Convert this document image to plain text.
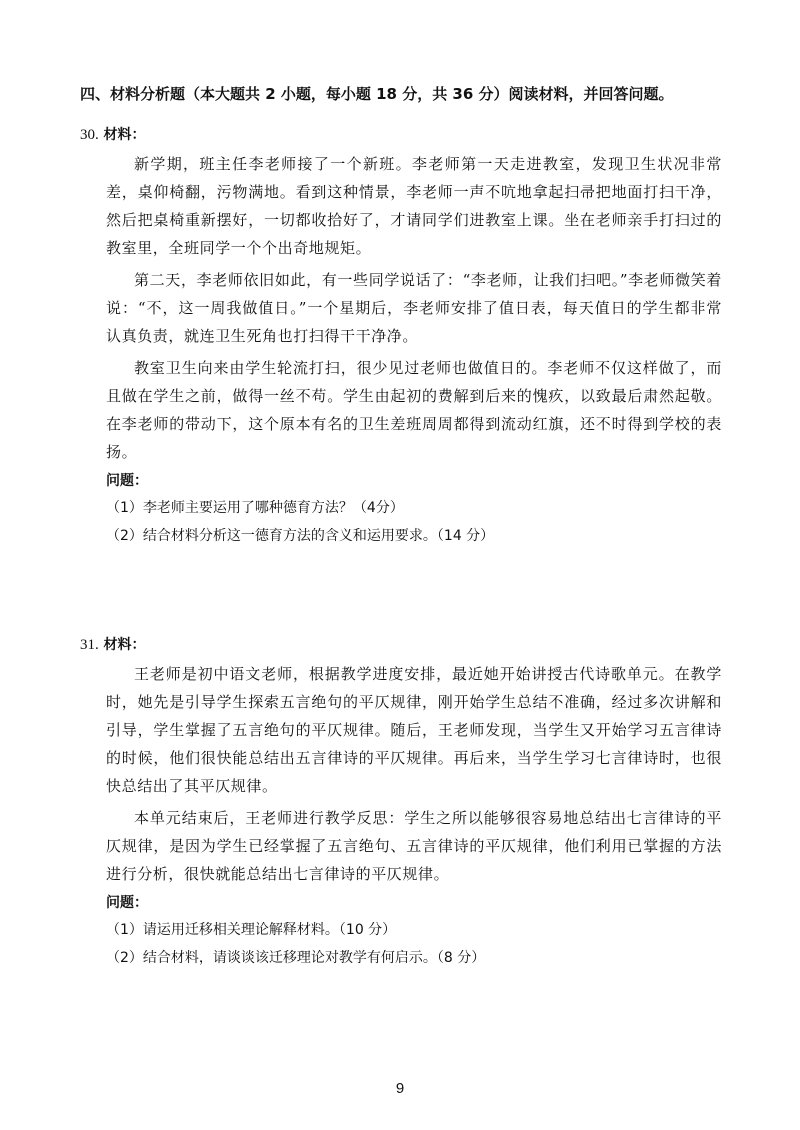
四、材料分析题（本大题共 2 小题，每小题 18 分，共 36 分）阅读材料，并回答问题。
30. 材料：

新学期，班主任李老师接了一个新班。李老师第一天走进教室，发现卫生状况非常差，桌仰椅翻，污物满地。看到这种情景，李老师一声不吭地拿起扫帚把地面打扫干净，然后把桌椅重新摆好，一切都收拾好了，才请同学们进教室上课。坐在老师亲手打扫过的教室里，全班同学一个个出奇地规矩。

第二天，李老师依旧如此，有一些同学说话了：“李老师，让我们扫吧。”李老师微笑着说：“不，这一周我做值日。”一个星期后，李老师安排了值日表，每天值日的学生都非常认真负责，就连卫生死角也打扫得干干净净。

教室卫生向来由学生轮流打扫，很少见过老师也做值日的。李老师不仅这样做了，而且做在学生之前，做得一丝不苟。学生由起初的费解到后来的愧疚，以致最后肃然起敬。在李老师的带动下，这个原本有名的卫生差班周周都得到流动红旗，还不时得到学校的表扬。

问题：
（1）李老师主要运用了哪种德育方法？（4分）
（2）结合材料分析这一德育方法的含义和运用要求。（14 分）
31. 材料：

王老师是初中语文老师，根据教学进度安排，最近她开始讲授古代诗歌单元。在教学时，她先是引导学生探索五言绝句的平仄规律，刚开始学生总结不准确，经过多次讲解和引导，学生掌握了五言绝句的平仄规律。随后，王老师发现，当学生又开始学习五言律诗的时候，他们很快能总结出五言律诗的平仄规律。再后来，当学生学习七言律诗时，也很快总结出了其平仄规律。

本单元结束后，王老师进行教学反思：学生之所以能够很容易地总结出七言律诗的平仄规律，是因为学生已经掌握了五言绝句、五言律诗的平仄规律，他们利用已掌握的方法进行分析，很快就能总结出七言律诗的平仄规律。

问题：
（1）请运用迁移相关理论解释材料。（10 分）
（2）结合材料，请谈谈该迁移理论对教学有何启示。（8 分）
9
